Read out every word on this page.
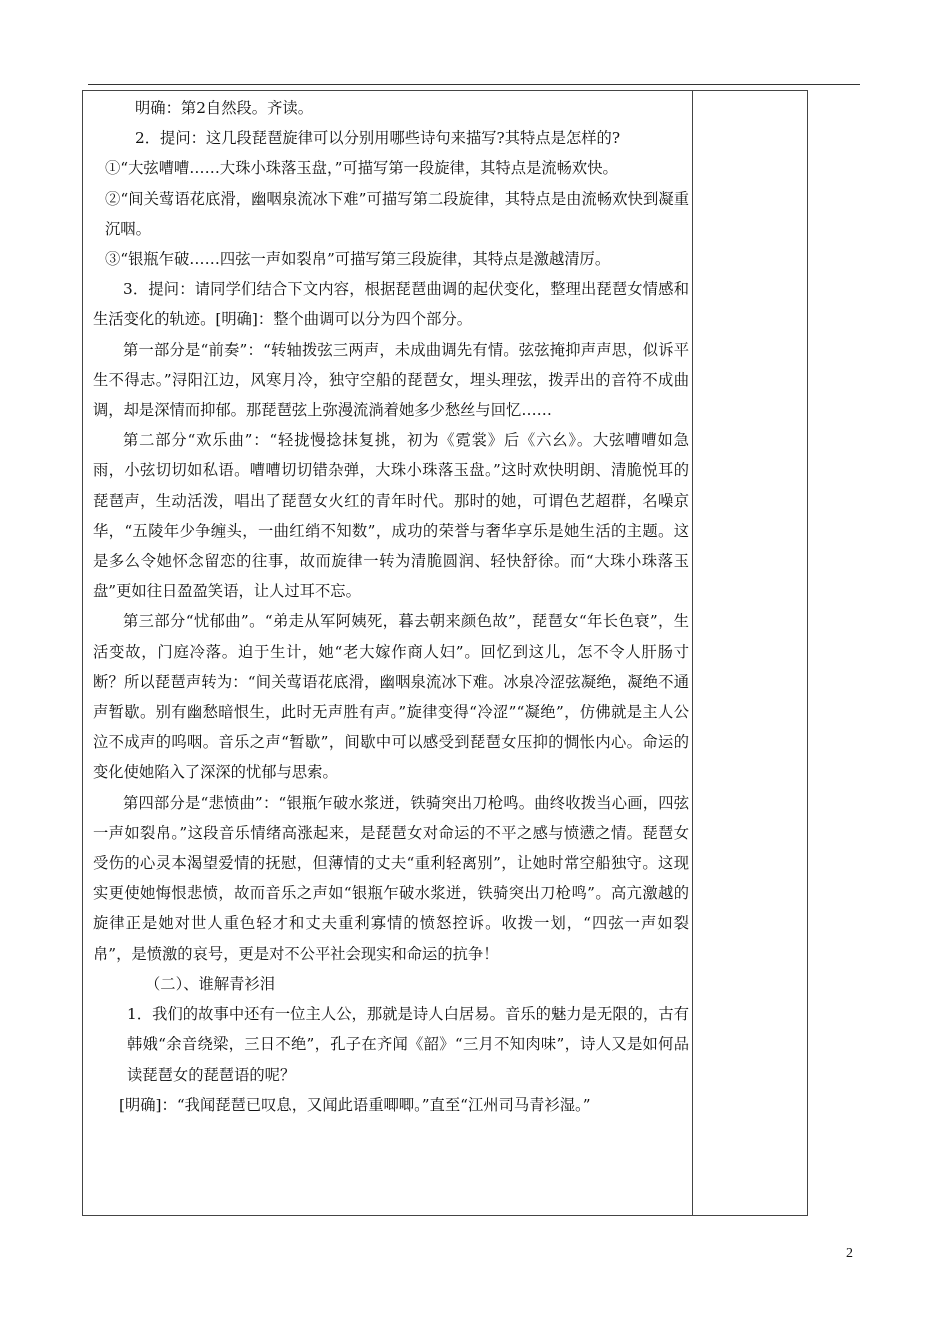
明确：第2自然段。齐读。

2．提问：这几段琵琶旋律可以分别用哪些诗句来描写?其特点是怎样的?

①“大弦嘈嘈……大珠小珠落玉盘，”可描写第一段旋律，其特点是流畅欢快。

②“间关莺语花底滑，幽咽泉流冰下难”可描写第二段旋律，其特点是由流畅欢快到凝重沉咽。

③“银瓶乍破……四弦一声如裂帛”可描写第三段旋律，其特点是激越清厉。

3．提问：请同学们结合下文内容，根据琵琶曲调的起伏变化，整理出琵琶女情感和生活变化的轨迹。[明确]：整个曲调可以分为四个部分。

第一部分是“前奏”：“转轴拨弦三两声，未成曲调先有情。弦弦掩抑声声思，似诉平生不得志。”浔阳江边，风寒月冷，独守空船的琵琶女，埋头理弦，拨弄出的音符不成曲调，却是深情而抑郁。那琵琶弦上弥漫流淌着她多少愁丝与回忆……

第二部分“欢乐曲”：“轻拢慢捻抹复挑，初为《霓裳》后《六幺》。大弦嘈嘈如急雨，小弦切切如私语。嘈嘈切切错杂弹，大珠小珠落玉盘。”这时欢快明朗、清脆悦耳的琵琶声，生动活泼，唱出了琵琶女火红的青年时代。那时的她，可谓色艺超群，名噪京华，“五陵年少争缠头，一曲红绡不知数”，成功的荣誉与奢华享乐是她生活的主题。这是多么令她怀念留恋的往事，故而旋律一转为清脆圆润、轻快舒徐。而“大珠小珠落玉盘”更如往日盈盈笑语，让人过耳不忘。

第三部分“忧郁曲”。“弟走从军阿姨死，暮去朝来颜色故”，琵琶女“年长色衰”，生活变故，门庭冷落。迫于生计，她“老大嫁作商人妇”。回忆到这儿，怎不令人肝肠寸断？所以琵琶声转为：“间关莺语花底滑，幽咽泉流冰下难。冰泉冷涩弦凝绝，凝绝不通声暂歇。别有幽愁暗恨生，此时无声胜有声。”旋律变得“冷涩”“凝绝”，仿佛就是主人公泣不成声的呜咽。音乐之声“暂歇”，间歇中可以感受到琵琶女压抑的惆怅内心。命运的变化使她陷入了深深的忧郁与思索。

第四部分是“悲愤曲”：“银瓶乍破水浆迸，铁骑突出刀枪鸣。曲终收拨当心画，四弦一声如裂帛。”这段音乐情绪高涨起来，是琵琶女对命运的不平之感与愤懑之情。琵琶女受伤的心灵本渴望爱情的抚慰，但薄情的丈夫“重利轻离别”，让她时常空船独守。这现实更使她悔恨悲愤，故而音乐之声如“银瓶乍破水浆迸，铁骑突出刀枪鸣”。高亢激越的旋律正是她对世人重色轻才和丈夫重利寡情的愤怒控诉。收拨一划，“四弦一声如裂帛”，是愤激的哀号，更是对不公平社会现实和命运的抗争！

（二）、谁解青衫泪

1．我们的故事中还有一位主人公，那就是诗人白居易。音乐的魅力是无限的，古有韩娥“余音绕梁，三日不绝”，孔子在齐闻《韶》“三月不知肉味”，诗人又是如何品读琵琶女的琵琶语的呢？

[明确]：“我闻琵琶已叹息，又闻此语重唧唧。”直至“江州司马青衫湿。”

2
